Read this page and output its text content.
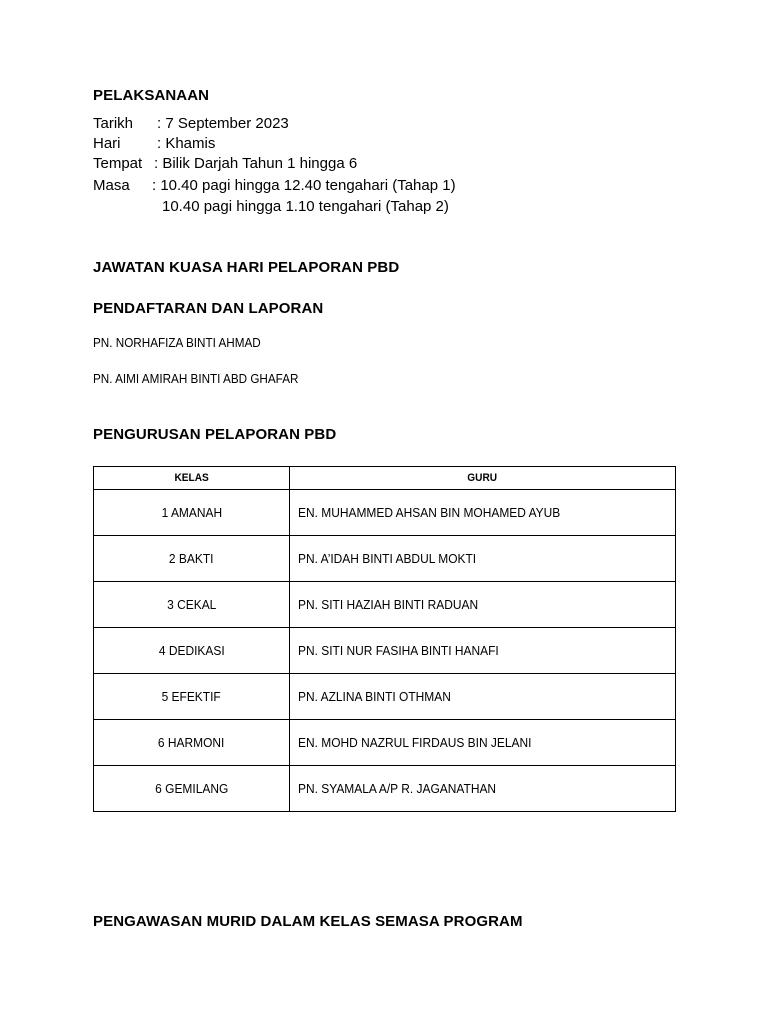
PELAKSANAAN
Tarikh : 7 September 2023
Hari : Khamis
Tempat : Bilik Darjah Tahun 1 hingga 6
Masa : 10.40 pagi hingga 12.40 tengahari (Tahap 1)
10.40 pagi hingga 1.10 tengahari (Tahap 2)
JAWATAN KUASA HARI PELAPORAN PBD
PENDAFTARAN DAN LAPORAN
PN. NORHAFIZA BINTI AHMAD
PN. AIMI AMIRAH BINTI ABD GHAFAR
PENGURUSAN PELAPORAN PBD
KELAS	GURU
1 AMANAH	EN. MUHAMMED AHSAN BIN MOHAMED AYUB
2 BAKTI	PN. A’IDAH BINTI ABDUL MOKTI
3 CEKAL	PN. SITI HAZIAH BINTI RADUAN
4 DEDIKASI	PN. SITI NUR FASIHA BINTI HANAFI
5 EFEKTIF	PN. AZLINA BINTI OTHMAN
6 HARMONI	EN. MOHD NAZRUL FIRDAUS BIN JELANI
6 GEMILANG	PN. SYAMALA A/P R. JAGANATHAN
PENGAWASAN MURID DALAM KELAS SEMASA PROGRAM
